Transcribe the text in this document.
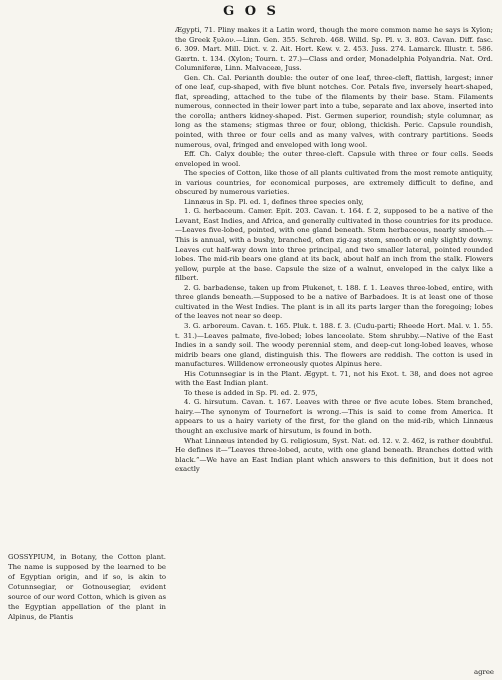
G O S
GOSSYPIUM, in Botany, the Cotton plant. The name is supposed by the learned to be of Egyptian origin, and if so, is akin to Cotunnsegiar, or Gotnousegiar, evident source of our word Cotton, which is given as the Egyptian appellation of the plant in Alpinus, de Plantis

Ægypti, 71. Pliny makes it a Latin word, though the more common name he says is Xylon; the Greek ξυλον.—Linn. Gen. 355. Schreb. 468. Willd. Sp. Pl. v. 3. 803. Cavan. Diff. fasc. 6. 309. Mart. Mill. Dict. v. 2. Ait. Hort. Kew. v. 2. 453. Juss. 274. Lamarck. Illustr. t. 586. Gærtn. t. 134. (Xylon; Tourn. t. 27.)—Class and order, Monadelphia Polyandria. Nat. Ord. Columniferæ, Linn. Malvaceæ, Juss.

Gen. Ch. Cal. Perianth double: the outer of one leaf, three-cleft, flattish, largest; inner of one leaf, cup-shaped, with five blunt notches. Cor. Petals five, inversely heart-shaped, flat, spreading, attached to the tube of the filaments by their base. Stam. Filaments numerous, connected in their lower part into a tube, separate and lax above, inserted into the corolla; anthers kidney-shaped. Pist. Germen superior, roundish; style columnar, as long as the stamens; stigmas three or four, oblong, thickish. Peric. Capsule roundish, pointed, with three or four cells and as many valves, with contrary partitions. Seeds numerous, oval, fringed and enveloped with long wool.

Eff. Ch. Calyx double; the outer three-cleft. Capsule with three or four cells. Seeds enveloped in wool.

The species of Cotton, like those of all plants cultivated from the most remote antiquity, in various countries, for economical purposes, are extremely difficult to define, and obscured by numerous varieties.

Linnæus in Sp. Pl. ed. 1, defines three species only,

1. G. herbaceum. Camer. Epit. 203. Cavan. t. 164. f. 2, supposed to be a native of the Levant, East Indies, and Africa, and generally cultivated in those countries for its produce.—Leaves five-lobed, pointed, with one gland beneath. Stem herbaceous, nearly smooth.—This is annual, with a bushy, branched, often zig-zag stem, smooth or only slightly downy. Leaves cut half-way down into three principal, and two smaller lateral, pointed rounded lobes. The mid-rib bears one gland at its back, about half an inch from the stalk. Flowers yellow, purple at the base. Capsule the size of a walnut, enveloped in the calyx like a filbert.

2. G. barbadense, taken up from Plukenet, t. 188. f. 1. Leaves three-lobed, entire, with three glands beneath.—Supposed to be a native of Barbadoes. It is at least one of those cultivated in the West Indies. The plant is in all its parts larger than the foregoing; lobes of the leaves not near so deep.

3. G. arboreum. Cavan. t. 165. Pluk. t. 188. f. 3. (Cudu-parti; Rheede Hort. Mal. v. 1. 55. t. 31.)—Leaves palmate, five-lobed; lobes lanceolate. Stem shrubby.—Native of the East Indies in a sandy soil. The woody perennial stem, and deep-cut long-lobed leaves, whose midrib bears one gland, distinguish this. The flowers are reddish. The cotton is used in manufactures. Willdenow erroneously quotes Alpinus here.

His Cotunnsegiar is in the Plant. Ægypt. t. 71, not his Exot. t. 38, and does not agree with the East Indian plant.

To these is added in Sp. Pl. ed. 2. 975,

4. G. hirsutum. Cavan. t. 167. Leaves with three or five acute lobes. Stem branched, hairy.—The synonym of Tournefort is wrong.—This is said to come from America. It appears to us a hairy variety of the first, for the gland on the mid-rib, which Linnæus thought an exclusive mark of hirsutum, is found in both.

What Linnæus intended by G. religiosum, Syst. Nat. ed. 12. v. 2. 462, is rather doubtful. He defines it—“Leaves three-lobed, acute, with one gland beneath. Branches dotted with black.”—We have an East Indian plant which answers to this definition, but it does not exactly

agree
